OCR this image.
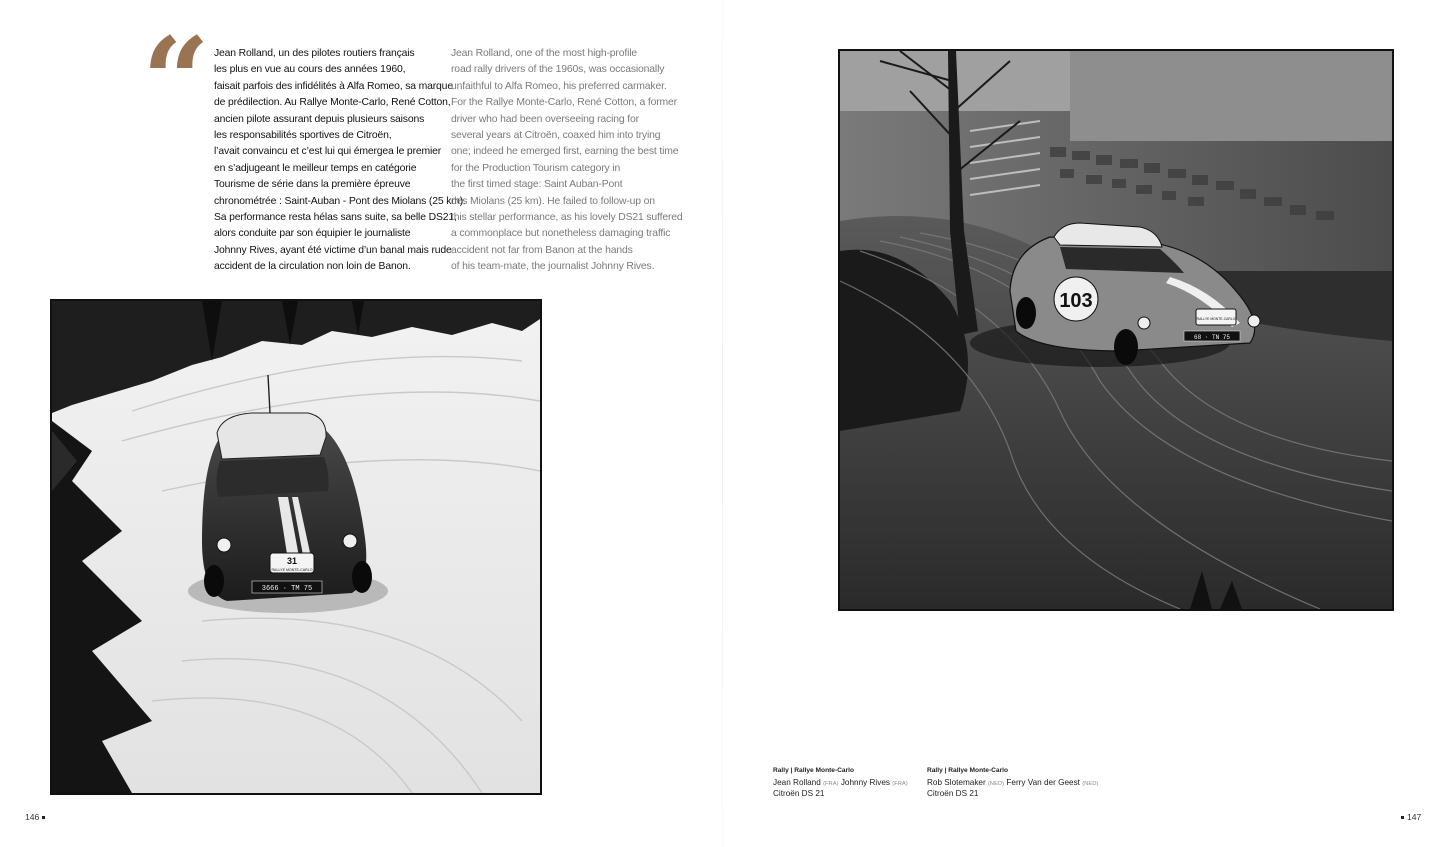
“ Jean Rolland, un des pilotes routiers français
les plus en vue au cours des années 1960,
faisait parfois des infidélités à Alfa Romeo, sa marque
de prédilection. Au Rallye Monte-Carlo, René Cotton,
ancien pilote assurant depuis plusieurs saisons
les responsabilités sportives de Citroën,
l’avait convaincu et c’est lui qui émergea le premier
en s’adjugeant le meilleur temps en catégorie
Tourisme de série dans la première épreuve
chronométrée : Saint-Auban - Pont des Miolans (25 km).
Sa performance resta hélas sans suite, sa belle DS21,
alors conduite par son équipier le journaliste
Johnny Rives, ayant été victime d’un banal mais rude
accident de la circulation non loin de Banon.
Jean Rolland, one of the most high-profile
road rally drivers of the 1960s, was occasionally
unfaithful to Alfa Romeo, his preferred carmaker.
For the Rallye Monte-Carlo, René Cotton, a former
driver who had been overseeing racing for
several years at Citroën, coaxed him into trying
one; indeed he emerged first, earning the best time
for the Production Tourism category in
the first timed stage: Saint Auban-Pont
des Miolans (25 km). He failed to follow-up on
this stellar performance, as his lovely DS21 suffered
a commonplace but nonetheless damaging traffic
accident not far from Banon at the hands
of his team-mate, the journalist Johnny Rives.
31
RALLYE MONTE-CARLO
3666 · TM 75
103
RALLYE MONTE-CARLO
68 · TN 75
Rally | Rallye Monte-Carlo
Jean Rolland (FRA) Johnny Rives (FRA)
Citroën DS 21
Rally | Rallye Monte-Carlo
Rob Slotemaker (NED) Ferry Van der Geest (NED)
Citroën DS 21
146	147
